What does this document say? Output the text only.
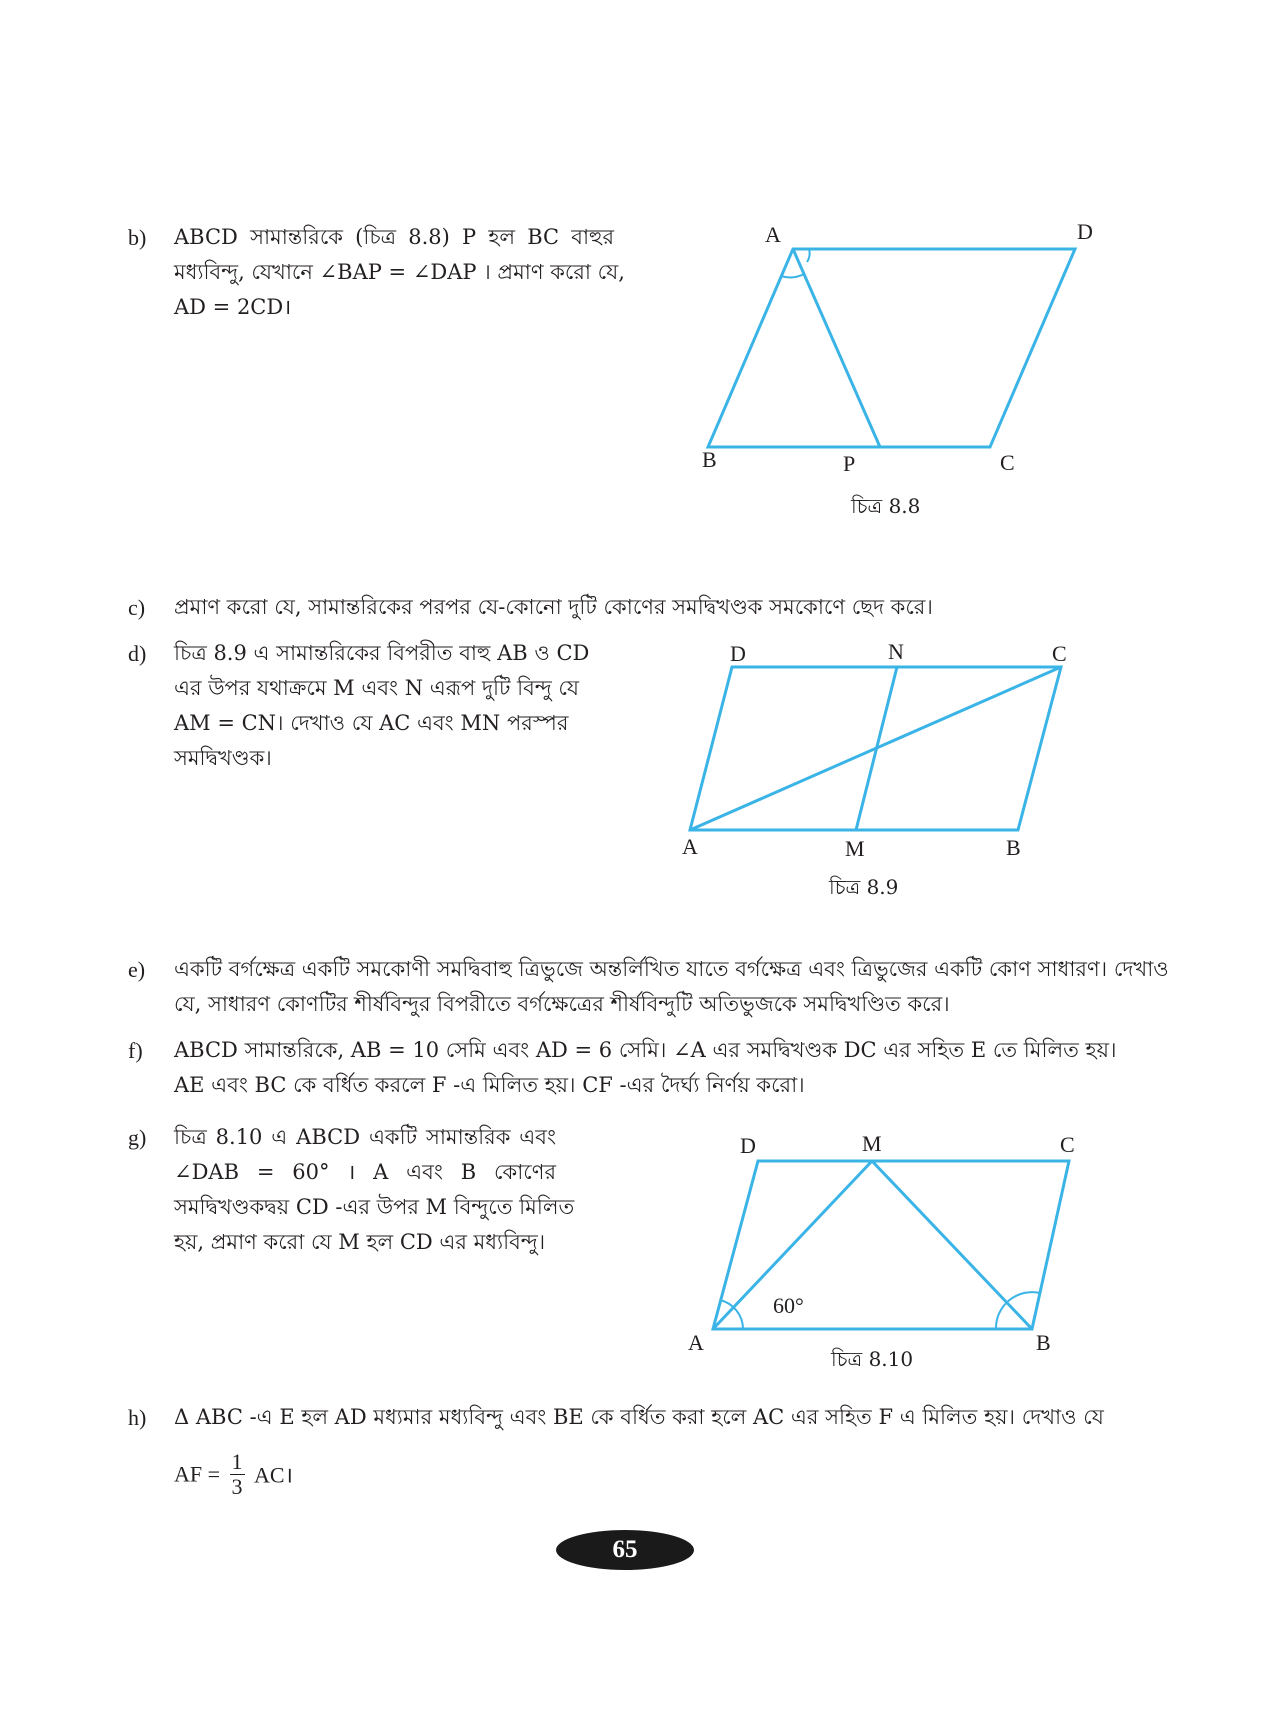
b)	ABCD সামান্তরিকে (চিত্র 8.8) P হল BC বাহুর
মধ্যবিন্দু, যেখানে ∠BAP = ∠DAP । প্রমাণ করো যে,
AD = 2CD।
A	D
B	P	C
চিত্র 8.8
c)	প্রমাণ করো যে, সামান্তরিকের পরপর যে-কোনো দুটি কোণের সমদ্বিখণ্ডক সমকোণে ছেদ করে।
d)	চিত্র 8.9 এ সামান্তরিকের বিপরীত বাহু AB ও CD
এর উপর যথাক্রমে M এবং N এরূপ দুটি বিন্দু যে
AM = CN। দেখাও যে AC এবং MN পরস্পর
সমদ্বিখণ্ডক।
D	N	C
A	M	B
চিত্র 8.9
e)	একটি বর্গক্ষেত্র একটি সমকোণী সমদ্বিবাহু ত্রিভুজে অন্তর্লিখিত যাতে বর্গক্ষেত্র এবং ত্রিভুজের একটি কোণ সাধারণ। দেখাও
যে, সাধারণ কোণটির শীর্ষবিন্দুর বিপরীতে বর্গক্ষেত্রের শীর্ষবিন্দুটি অতিভুজকে সমদ্বিখণ্ডিত করে।
f)	ABCD সামান্তরিকে, AB = 10 সেমি এবং AD = 6 সেমি। ∠A এর সমদ্বিখণ্ডক DC এর সহিত E তে মিলিত হয়।
AE এবং BC কে বর্ধিত করলে F -এ মিলিত হয়। CF -এর দৈর্ঘ্য নির্ণয় করো।
g)	চিত্র 8.10 এ ABCD একটি সামান্তরিক এবং
∠DAB = 60° । A এবং B কোণের
সমদ্বিখণ্ডকদ্বয় CD -এর উপর M বিন্দুতে মিলিত
হয়, প্রমাণ করো যে M হল CD এর মধ্যবিন্দু।
D	M	C
60°
A	B
চিত্র 8.10
h)	Δ ABC -এ E হল AD মধ্যমার মধ্যবিন্দু এবং BE কে বর্ধিত করা হলে AC এর সহিত F এ মিলিত হয়। দেখাও যে
AF = $\frac{1}{3}$ AC।
65
